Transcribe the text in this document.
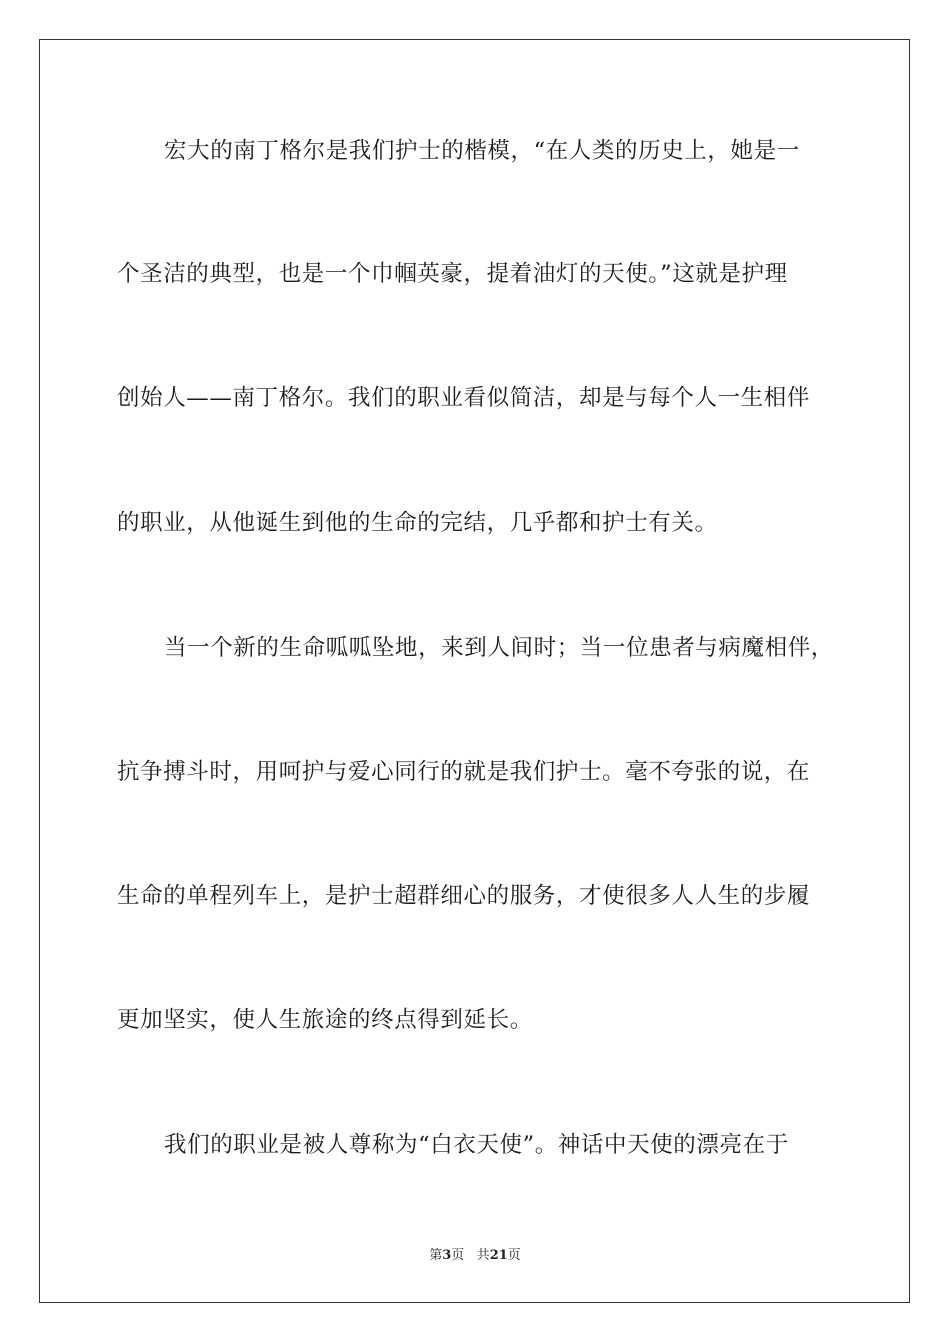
宏大的南丁格尔是我们护士的楷模，“在人类的历史上，她是一
个圣洁的典型，也是一个巾帼英豪，提着油灯的天使。”这就是护理
创始人——南丁格尔。我们的职业看似简洁，却是与每个人一生相伴
的职业，从他诞生到他的生命的完结，几乎都和护士有关。
当一个新的生命呱呱坠地，来到人间时；当一位患者与病魔相伴，
抗争搏斗时，用呵护与爱心同行的就是我们护士。毫不夸张的说，在
生命的单程列车上，是护士超群细心的服务，才使很多人人生的步履
更加坚实，使人生旅途的终点得到延长。
我们的职业是被人尊称为“白衣天使”。神话中天使的漂亮在于
第3页 共21页
